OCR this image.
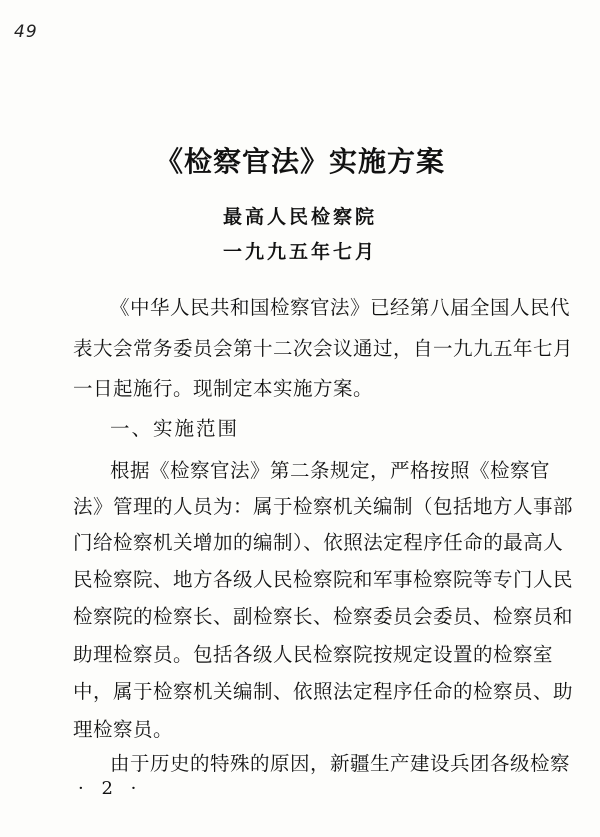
49
《检察官法》实施方案
最高人民检察院
一九九五年七月
《中华人民共和国检察官法》已经第八届全国人民代
表大会常务委员会第十二次会议通过，自一九九五年七月
一日起施行。现制定本实施方案。
一、实施范围
根据《检察官法》第二条规定，严格按照《检察官
法》管理的人员为：属于检察机关编制（包括地方人事部
门给检察机关增加的编制）、依照法定程序任命的最高人
民检察院、地方各级人民检察院和军事检察院等专门人民
检察院的检察长、副检察长、检察委员会委员、检察员和
助理检察员。包括各级人民检察院按规定设置的检察室
中，属于检察机关编制、依照法定程序任命的检察员、助
理检察员。
· 2 ·
由于历史的特殊的原因，新疆生产建设兵团各级检察
